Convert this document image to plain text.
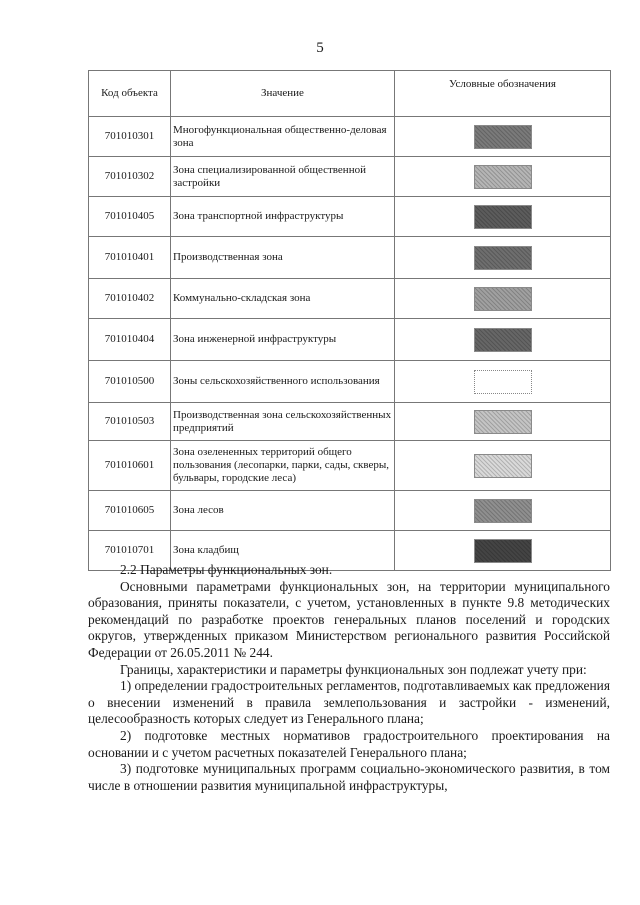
5
Код объекта	Значение	Условные обозначения
701010301	Многофункциональная общественно-деловая зона	
701010302	Зона специализированной общественной застройки	
701010405	Зона транспортной инфраструктуры	
701010401	Производственная зона	
701010402	Коммунально-складская зона	
701010404	Зона инженерной инфраструктуры	
701010500	Зоны сельскохозяйственного использования	
701010503	Производственная зона сельскохозяйственных предприятий	
701010601	Зона озелененных территорий общего пользования (лесопарки, парки, сады, скверы, бульвары, городские леса)	
701010605	Зона лесов	
701010701	Зона кладбищ	

2.2 Параметры функциональных зон.

Основными параметрами функциональных зон, на территории муниципального образования, приняты показатели, с учетом, установленных в пункте 9.8 методических рекомендаций по разработке проектов генеральных планов поселений и городских округов, утвержденных приказом Министерством регионального развития Российской Федерации от 26.05.2011 № 244.

Границы, характеристики и параметры функциональных зон подлежат учету при:

1) определении градостроительных регламентов, подготавливаемых как предложения о внесении изменений в правила землепользования и застройки - изменений, целесообразность которых следует из Генерального плана;

2) подготовке местных нормативов градостроительного проектирования на основании и с учетом расчетных показателей Генерального плана;

3) подготовке муниципальных программ социально-экономического развития, в том числе в отношении развития муниципальной инфраструктуры,
